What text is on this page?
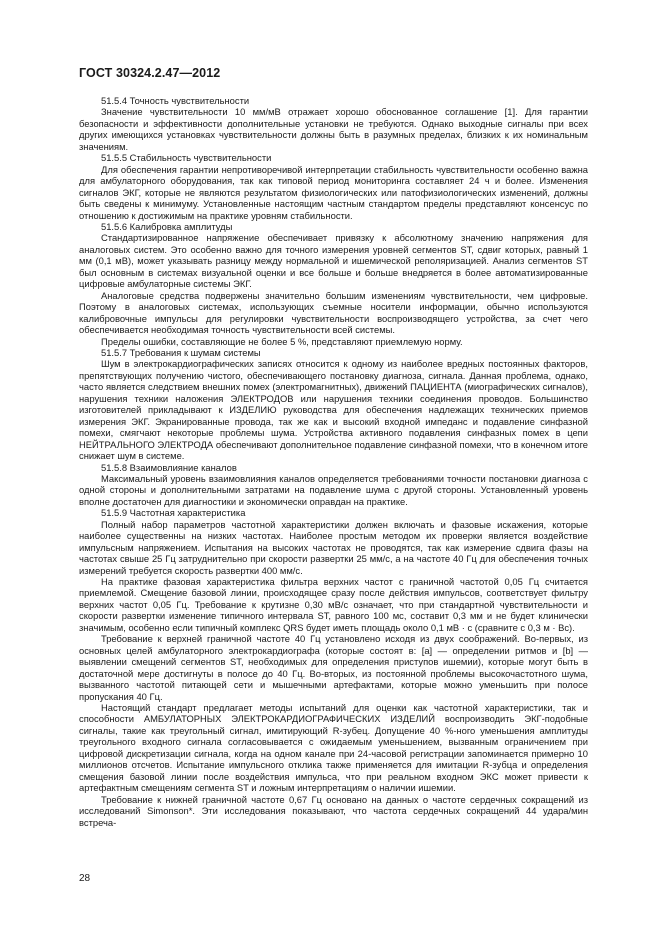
ГОСТ 30324.2.47—2012

51.5.4 Точность чувствительности

Значение чувствительности 10 мм/мВ отражает хорошо обоснованное соглашение [1]. Для гарантии безопасности и эффективности дополнительные установки не требуются. Однако выходные сигналы при всех других имеющихся установках чувствительности должны быть в разумных пределах, близких к их номинальным значениям.

51.5.5 Стабильность чувствительности

Для обеспечения гарантии непротиворечивой интерпретации стабильность чувствительности особенно важна для амбулаторного оборудования, так как типовой период мониторинга составляет 24 ч и более. Изменения сигналов ЭКГ, которые не являются результатом физиологических или патофизиологических изменений, должны быть сведены к минимуму. Установленные настоящим частным стандартом пределы представляют консенсус по отношению к достижимым на практике уровням стабильности.

51.5.6 Калибровка амплитуды

Стандартизированное напряжение обеспечивает привязку к абсолютному значению напряжения для аналоговых систем. Это особенно важно для точного измерения уровней сегментов ST, сдвиг которых, равный 1 мм (0,1 мВ), может указывать разницу между нормальной и ишемической реполяризацией. Анализ сегментов ST был основным в системах визуальной оценки и все больше и больше внедряется в более автоматизированные цифровые амбулаторные системы ЭКГ.

Аналоговые средства подвержены значительно большим изменениям чувствительности, чем цифровые. Поэтому в аналоговых системах, использующих съемные носители информации, обычно используются калибровочные импульсы для регулировки чувствительности воспроизводящего устройства, за счет чего обеспечивается необходимая точность чувствительности всей системы.

Пределы ошибки, составляющие не более 5 %, представляют приемлемую норму.

51.5.7 Требования к шумам системы

Шум в электрокардиографических записях относится к одному из наиболее вредных постоянных факторов, препятствующих получению чистого, обеспечивающего постановку диагноза, сигнала. Данная проблема, однако, часто является следствием внешних помех (электромагнитных), движений ПАЦИЕНТА (миографических сигналов), нарушения техники наложения ЭЛЕКТРОДОВ или нарушения техники соединения проводов. Большинство изготовителей прикладывают к ИЗДЕЛИЮ руководства для обеспечения надлежащих технических приемов измерения ЭКГ. Экранированные провода, так же как и высокий входной импеданс и подавление синфазной помехи, смягчают некоторые проблемы шума. Устройства активного подавления синфазных помех в цепи НЕЙТРАЛЬНОГО ЭЛЕКТРОДА обеспечивают дополнительное подавление синфазной помехи, что в конечном итоге снижает шум в системе.

51.5.8 Взаимовлияние каналов

Максимальный уровень взаимовлияния каналов определяется требованиями точности постановки диагноза с одной стороны и дополнительными затратами на подавление шума с другой стороны. Установленный уровень вполне достаточен для диагностики и экономически оправдан на практике.

51.5.9 Частотная характеристика

Полный набор параметров частотной характеристики должен включать и фазовые искажения, которые наиболее существенны на низких частотах. Наиболее простым методом их проверки является воздействие импульсным напряжением. Испытания на высоких частотах не проводятся, так как измерение сдвига фазы на частотах свыше 25 Гц затруднительно при скорости развертки 25 мм/с, а на частоте 40 Гц для обеспечения точных измерений требуется скорость развертки 400 мм/с.

На практике фазовая характеристика фильтра верхних частот с граничной частотой 0,05 Гц считается приемлемой. Смещение базовой линии, происходящее сразу после действия импульсов, соответствует фильтру верхних частот 0,05 Гц. Требование к крутизне 0,30 мВ/с означает, что при стандартной чувствительности и скорости развертки изменение типичного интервала ST, равного 100 мс, составит 0,3 мм и не будет клинически значимым, особенно если типичный комплекс QRS будет иметь площадь около 0,1 мВ · с (сравните с 0,3 м · Вс).

Требование к верхней граничной частоте 40 Гц установлено исходя из двух соображений. Во-первых, из основных целей амбулаторного электрокардиографа (которые состоят в: [a] — определении ритмов и [b] — выявлении смещений сегментов ST, необходимых для определения приступов ишемии), которые могут быть в достаточной мере достигнуты в полосе до 40 Гц. Во-вторых, из постоянной проблемы высокочастотного шума, вызванного частотой питающей сети и мышечными артефактами, которые можно уменьшить при полосе пропускания 40 Гц.

Настоящий стандарт предлагает методы испытаний для оценки как частотной характеристики, так и способности АМБУЛАТОРНЫХ ЭЛЕКТРОКАРДИОГРАФИЧЕСКИХ ИЗДЕЛИЙ воспроизводить ЭКГ-подобные сигналы, такие как треугольный сигнал, имитирующий R-зубец. Допущение 40 %-ного уменьшения амплитуды треугольного входного сигнала согласовывается с ожидаемым уменьшением, вызванным ограничением при цифровой дискретизации сигнала, когда на одном канале при 24-часовой регистрации запоминается примерно 10 миллионов отсчетов. Испытание импульсного отклика также применяется для имитации R-зубца и определения смещения базовой линии после воздействия импульса, что при реальном входном ЭКС может привести к артефактным смещениям сегмента ST и ложным интерпретациям о наличии ишемии.

Требование к нижней граничной частоте 0,67 Гц основано на данных о частоте сердечных сокращений из исследований Simonson*. Эти исследования показывают, что частота сердечных сокращений 44 удара/мин встреча-

28
